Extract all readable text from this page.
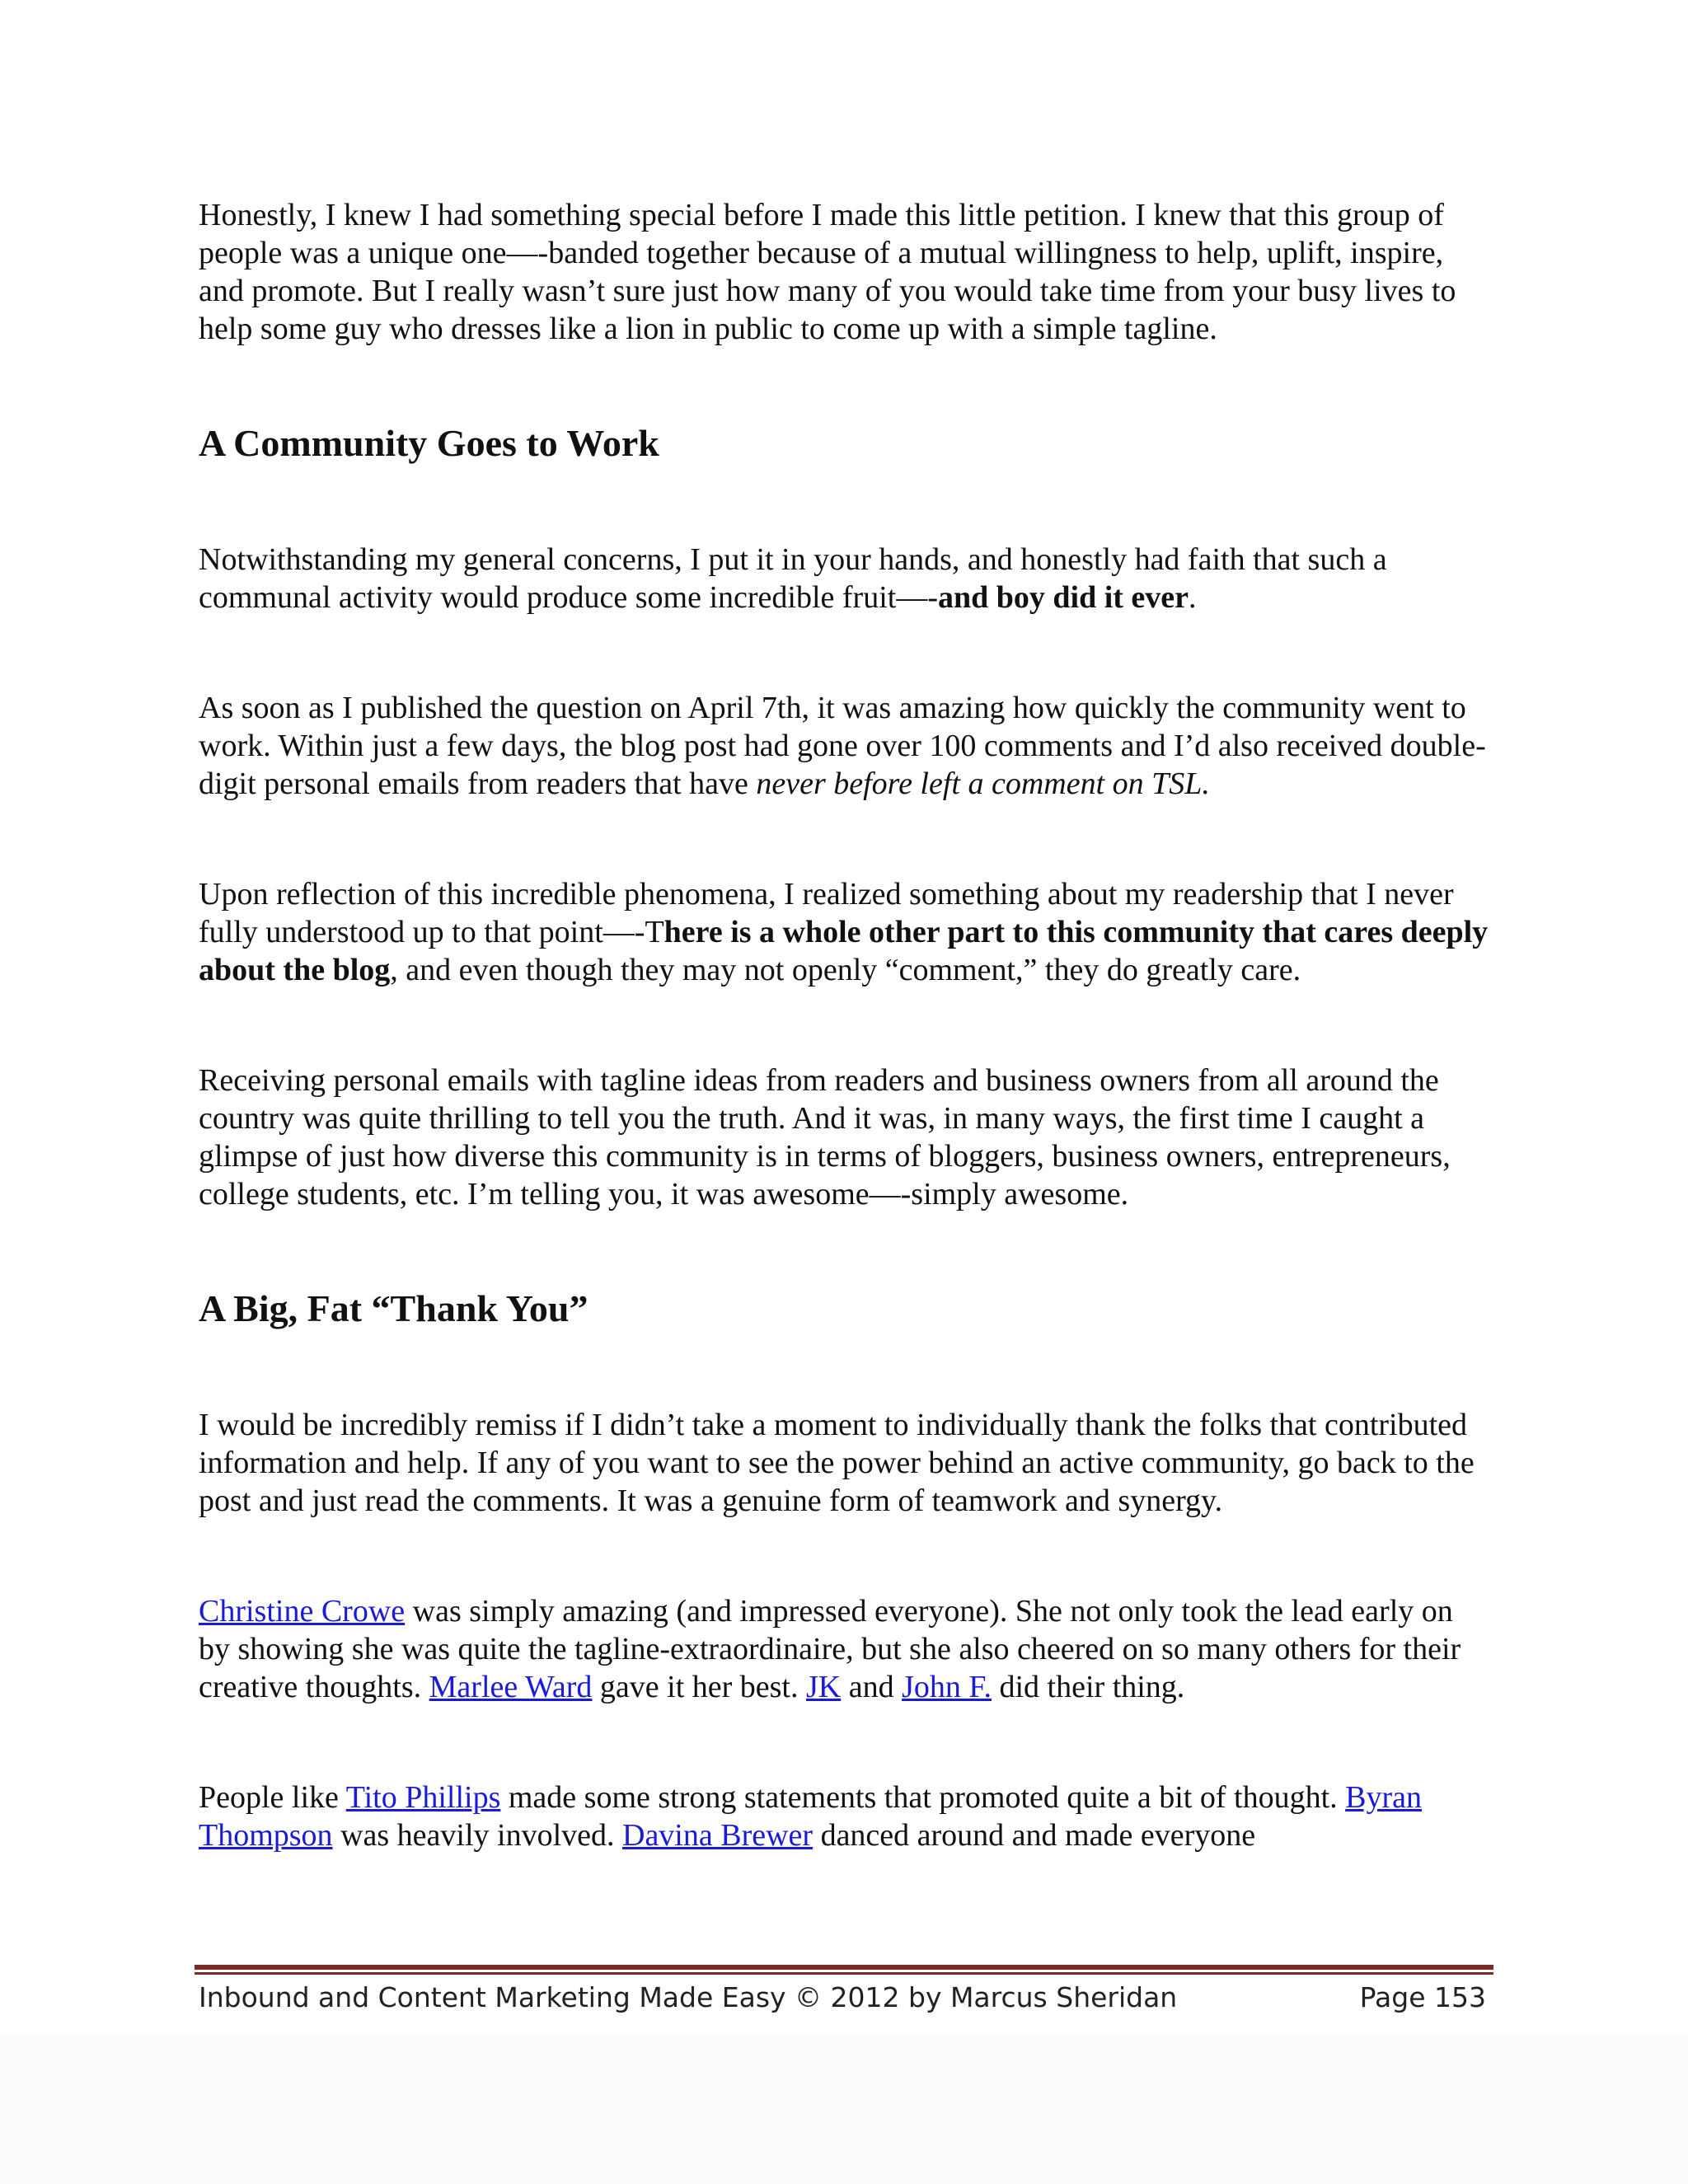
Honestly, I knew I had something special before I made this little petition. I knew that this group of people was a unique one—-banded together because of a mutual willingness to help, uplift, inspire, and promote. But I really wasn’t sure just how many of you would take time from your busy lives to help some guy who dresses like a lion in public to come up with a simple tagline.

A Community Goes to Work

Notwithstanding my general concerns, I put it in your hands, and honestly had faith that such a communal activity would produce some incredible fruit—-and boy did it ever.

As soon as I published the question on April 7th, it was amazing how quickly the community went to work. Within just a few days, the blog post had gone over 100 comments and I’d also received double-digit personal emails from readers that have never before left a comment on TSL.

Upon reflection of this incredible phenomena, I realized something about my readership that I never fully understood up to that point—-There is a whole other part to this community that cares deeply about the blog, and even though they may not openly “comment,” they do greatly care.

Receiving personal emails with tagline ideas from readers and business owners from all around the country was quite thrilling to tell you the truth. And it was, in many ways, the first time I caught a glimpse of just how diverse this community is in terms of bloggers, business owners, entrepreneurs, college students, etc. I’m telling you, it was awesome—-simply awesome.

A Big, Fat “Thank You”

I would be incredibly remiss if I didn’t take a moment to individually thank the folks that contributed information and help. If any of you want to see the power behind an active community, go back to the post and just read the comments. It was a genuine form of teamwork and synergy.

Christine Crowe was simply amazing (and impressed everyone). She not only took the lead early on by showing she was quite the tagline-extraordinaire, but she also cheered on so many others for their creative thoughts. Marlee Ward gave it her best. JK and John F. did their thing.

People like Tito Phillips made some strong statements that promoted quite a bit of thought. Byran Thompson was heavily involved. Davina Brewer danced around and made everyone

Inbound and Content Marketing Made Easy © 2012 by Marcus Sheridan	Page 153
